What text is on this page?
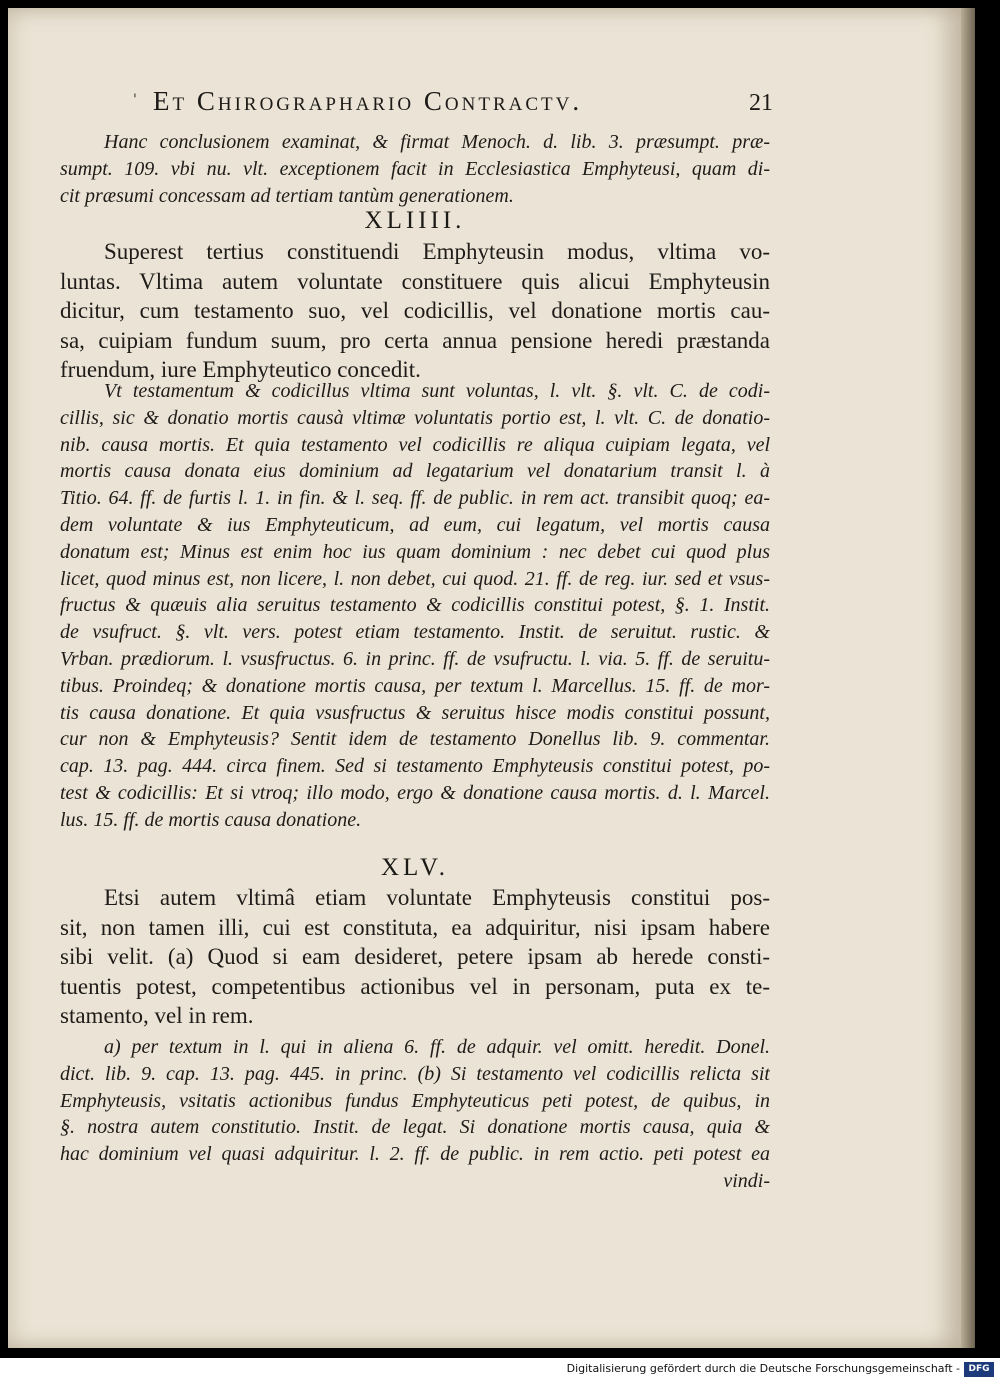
' Et Chirographario Contractv.	21
Hanc conclusionem examinat, & firmat Menoch. d. lib. 3. præsumpt. præ-
sumpt. 109. vbi nu. vlt. exceptionem facit in Ecclesiastica Emphyteusi, quam di-
cit præsumi concessam ad tertiam tantùm generationem.
XLIIII.
Superest tertius constituendi Emphyteusin modus, vltima vo-
luntas. Vltima autem voluntate constituere quis alicui Emphyteusin
dicitur, cum testamento suo, vel codicillis, vel donatione mortis cau-
sa, cuipiam fundum suum, pro certa annua pensione heredi præstanda
fruendum, iure Emphyteutico concedit.
Vt testamentum & codicillus vltima sunt voluntas, l. vlt. §. vlt. C. de codi-
cillis, sic & donatio mortis causà vltimæ voluntatis portio est, l. vlt. C. de donatio-
nib. causa mortis. Et quia testamento vel codicillis re aliqua cuipiam legata, vel
mortis causa donata eius dominium ad legatarium vel donatarium transit l. à
Titio. 64. ff. de furtis l. 1. in fin. & l. seq. ff. de public. in rem act. transibit quoq; ea-
dem voluntate & ius Emphyteuticum, ad eum, cui legatum, vel mortis causa
donatum est; Minus est enim hoc ius quam dominium : nec debet cui quod plus
licet, quod minus est, non licere, l. non debet, cui quod. 21. ff. de reg. iur. sed et vsus-
fructus & quæuis alia seruitus testamento & codicillis constitui potest, §. 1. Instit.
de vsufruct. §. vlt. vers. potest etiam testamento. Instit. de seruitut. rustic. &
Vrban. prædiorum. l. vsusfructus. 6. in princ. ff. de vsufructu. l. via. 5. ff. de seruitu-
tibus. Proindeq; & donatione mortis causa, per textum l. Marcellus. 15. ff. de mor-
tis causa donatione. Et quia vsusfructus & seruitus hisce modis constitui possunt,
cur non & Emphyteusis? Sentit idem de testamento Donellus lib. 9. commentar.
cap. 13. pag. 444. circa finem. Sed si testamento Emphyteusis constitui potest, po-
test & codicillis: Et si vtroq; illo modo, ergo & donatione causa mortis. d. l. Marcel.
lus. 15. ff. de mortis causa donatione.
XLV.
Etsi autem vltimâ etiam voluntate Emphyteusis constitui pos-
sit, non tamen illi, cui est constituta, ea adquiritur, nisi ipsam habere
sibi velit. (a) Quod si eam desideret, petere ipsam ab herede consti-
tuentis potest, competentibus actionibus vel in personam, puta ex te-
stamento, vel in rem.
a) per textum in l. qui in aliena 6. ff. de adquir. vel omitt. heredit. Donel.
dict. lib. 9. cap. 13. pag. 445. in princ. (b) Si testamento vel codicillis relicta sit
Emphyteusis, vsitatis actionibus fundus Emphyteuticus peti potest, de quibus, in
§. nostra autem constitutio. Instit. de legat. Si donatione mortis causa, quia &
hac dominium vel quasi adquiritur. l. 2. ff. de public. in rem actio. peti potest ea
vindi-
Digitalisierung gefördert durch die Deutsche Forschungsgemeinschaft - DFG
